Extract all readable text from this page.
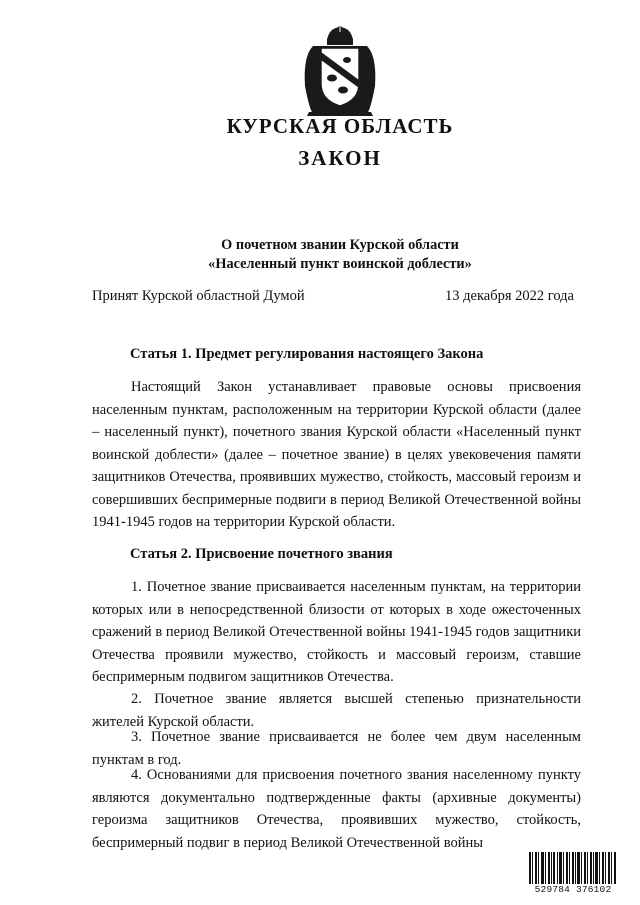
КУРСКАЯ ОБЛАСТЬ
ЗАКОН
О почетном звании Курской области
«Населенный пункт воинской доблести»
Принят Курской областной Думой	13 декабря 2022 года
Статья 1. Предмет регулирования настоящего Закона

Настоящий Закон устанавливает правовые основы присвоения населенным пунктам, расположенным на территории Курской области (далее – населенный пункт), почетного звания Курской области «Населенный пункт воинской доблести» (далее – почетное звание) в целях увековечения памяти защитников Отечества, проявивших мужество, стойкость, массовый героизм и совершивших беспримерные подвиги в период Великой Отечественной войны 1941-1945 годов на территории Курской области.

Статья 2. Присвоение почетного звания

1. Почетное звание присваивается населенным пунктам, на территории которых или в непосредственной близости от которых в ходе ожесточенных сражений в период Великой Отечественной войны 1941-1945 годов защитники Отечества проявили мужество, стойкость и массовый героизм, ставшие беспримерным подвигом защитников Отечества.

2. Почетное звание является высшей степенью признательности жителей Курской области.

3. Почетное звание присваивается не более чем двум населенным пунктам в год.

4. Основаниями для присвоения почетного звания населенному пункту являются документально подтвержденные факты (архивные документы) героизма защитников Отечества, проявивших мужество, стойкость, беспримерный подвиг в период Великой Отечественной войны

529784 376102
